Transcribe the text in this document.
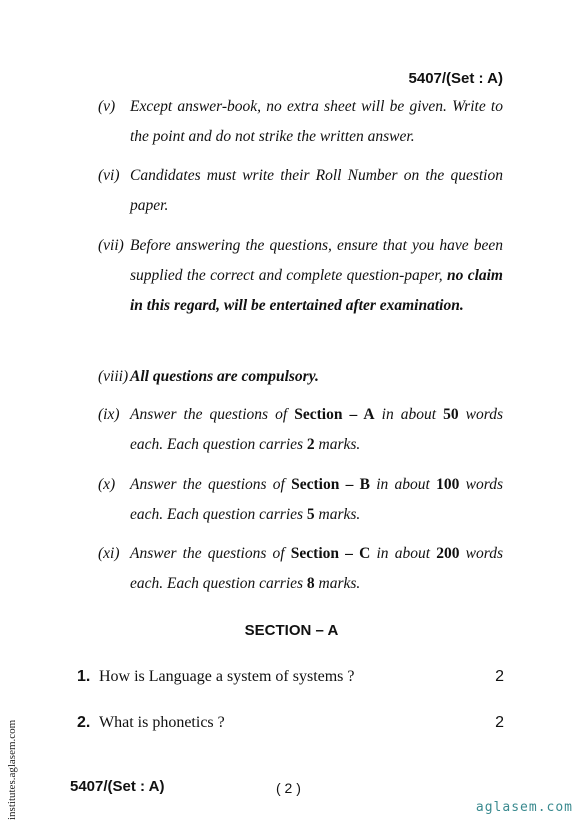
5407/(Set : A)
(v) Except answer-book, no extra sheet will be given. Write to the point and do not strike the written answer.
(vi) Candidates must write their Roll Number on the question paper.
(vii) Before answering the questions, ensure that you have been supplied the correct and complete question-paper, no claim in this regard, will be entertained after examination.
(viii) All questions are compulsory.
(ix) Answer the questions of Section – A in about 50 words each. Each question carries 2 marks.
(x) Answer the questions of Section – B in about 100 words each. Each question carries 5 marks.
(xi) Answer the questions of Section – C in about 200 words each. Each question carries 8 marks.
SECTION – A
1. How is Language a system of systems ?	2
2. What is phonetics ?	2
institutes.aglasem.com	5407/(Set : A)	( 2 )
aglasem.com
